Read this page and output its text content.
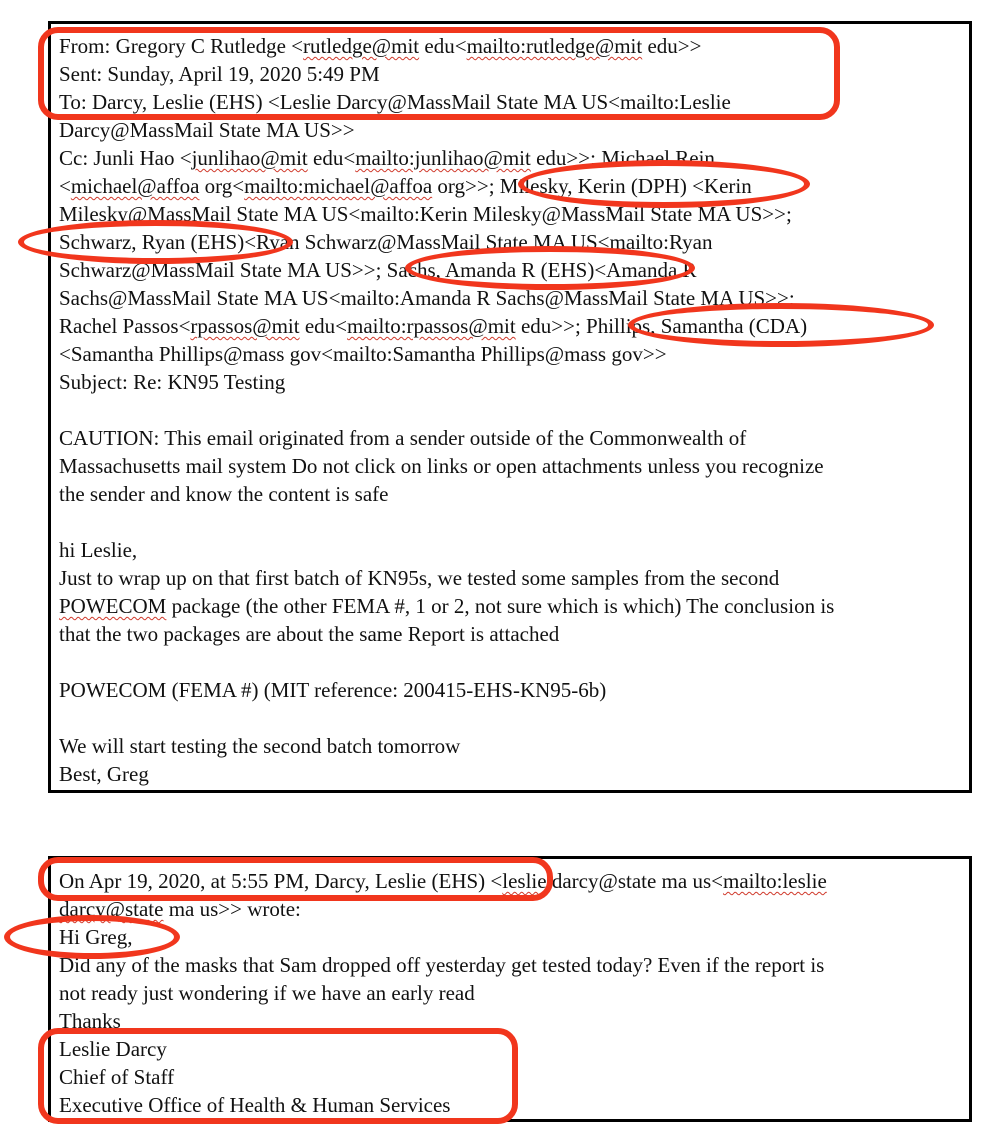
From: Gregory C Rutledge <rutledge@mit edu<mailto:rutledge@mit edu>>
Sent: Sunday, April 19, 2020 5:49 PM
To: Darcy, Leslie (EHS) <Leslie Darcy@MassMail State MA US<mailto:Leslie
Darcy@MassMail State MA US>>
Cc: Junli Hao <junlihao@mit edu<mailto:junlihao@mit edu>>; Michael Rein
<michael@affoa org<mailto:michael@affoa org>>; Milesky, Kerin (DPH) <Kerin
Milesky@MassMail State MA US<mailto:Kerin Milesky@MassMail State MA US>>;
Schwarz, Ryan (EHS)<Ryan Schwarz@MassMail State MA US<mailto:Ryan
Schwarz@MassMail State MA US>>; Sachs, Amanda R (EHS)<Amanda R
Sachs@MassMail State MA US<mailto:Amanda R Sachs@MassMail State MA US>>;
Rachel Passos<rpassos@mit edu<mailto:rpassos@mit edu>>; Phillips, Samantha (CDA)
<Samantha Phillips@mass gov<mailto:Samantha Phillips@mass gov>>
Subject: Re: KN95 Testing
CAUTION: This email originated from a sender outside of the Commonwealth of
Massachusetts mail system Do not click on links or open attachments unless you recognize
the sender and know the content is safe
hi Leslie,
Just to wrap up on that first batch of KN95s, we tested some samples from the second
POWECOM package (the other FEMA #, 1 or 2, not sure which is which) The conclusion is
that the two packages are about the same Report is attached
POWECOM (FEMA #) (MIT reference: 200415-EHS-KN95-6b)
We will start testing the second batch tomorrow
Best, Greg
On Apr 19, 2020, at 5:55 PM, Darcy, Leslie (EHS) <leslie darcy@state ma us<mailto:leslie
darcy@state ma us>> wrote:
Hi Greg,
Did any of the masks that Sam dropped off yesterday get tested today? Even if the report is
not ready just wondering if we have an early read
Thanks
Leslie Darcy
Chief of Staff
Executive Office of Health & Human Services
